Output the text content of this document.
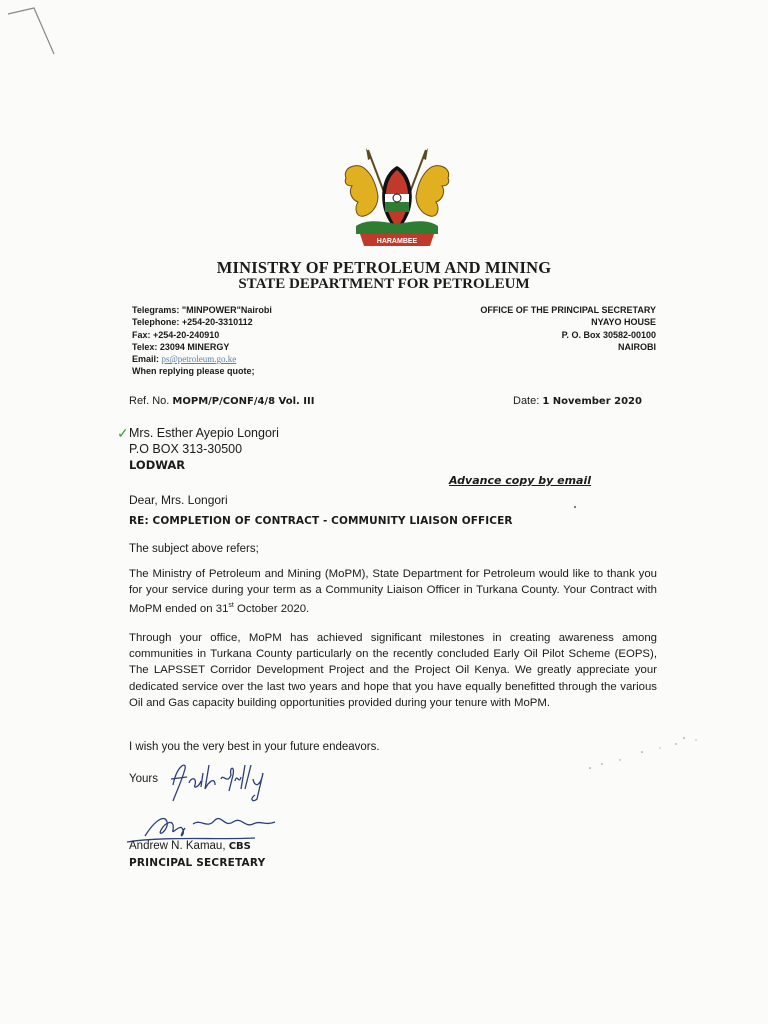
HARAMBEE
MINISTRY OF PETROLEUM AND MINING
STATE DEPARTMENT FOR PETROLEUM
Telegrams: "MINPOWER"Nairobi
Telephone: +254-20-3310112
Fax: +254-20-240910
Telex: 23094 MINERGY
Email: ps@petroleum.go.ke
When replying please quote;
OFFICE OF THE PRINCIPAL SECRETARY
NYAYO HOUSE
P. O. Box 30582-00100
NAIROBI
Ref. No. MOPM/P/CONF/4/8 Vol. III	Date: 1 November 2020
✓ Mrs. Esther Ayepio Longori
P.O BOX 313-30500
LODWAR
Advance copy by email
Dear, Mrs. Longori
RE: COMPLETION OF CONTRACT - COMMUNITY LIAISON OFFICER
The subject above refers;
The Ministry of Petroleum and Mining (MoPM), State Department for Petroleum would like to thank you for your service during your term as a Community Liaison Officer in Turkana County. Your Contract with MoPM ended on 31st October 2020.
Through your office, MoPM has achieved significant milestones in creating awareness among communities in Turkana County particularly on the recently concluded Early Oil Pilot Scheme (EOPS), The LAPSSET Corridor Development Project and the Project Oil Kenya. We greatly appreciate your dedicated service over the last two years and hope that you have equally benefitted through the various Oil and Gas capacity building opportunities provided during your tenure with MoPM.
I wish you the very best in your future endeavors.
Yours
Andrew N. Kamau, CBS
PRINCIPAL SECRETARY
